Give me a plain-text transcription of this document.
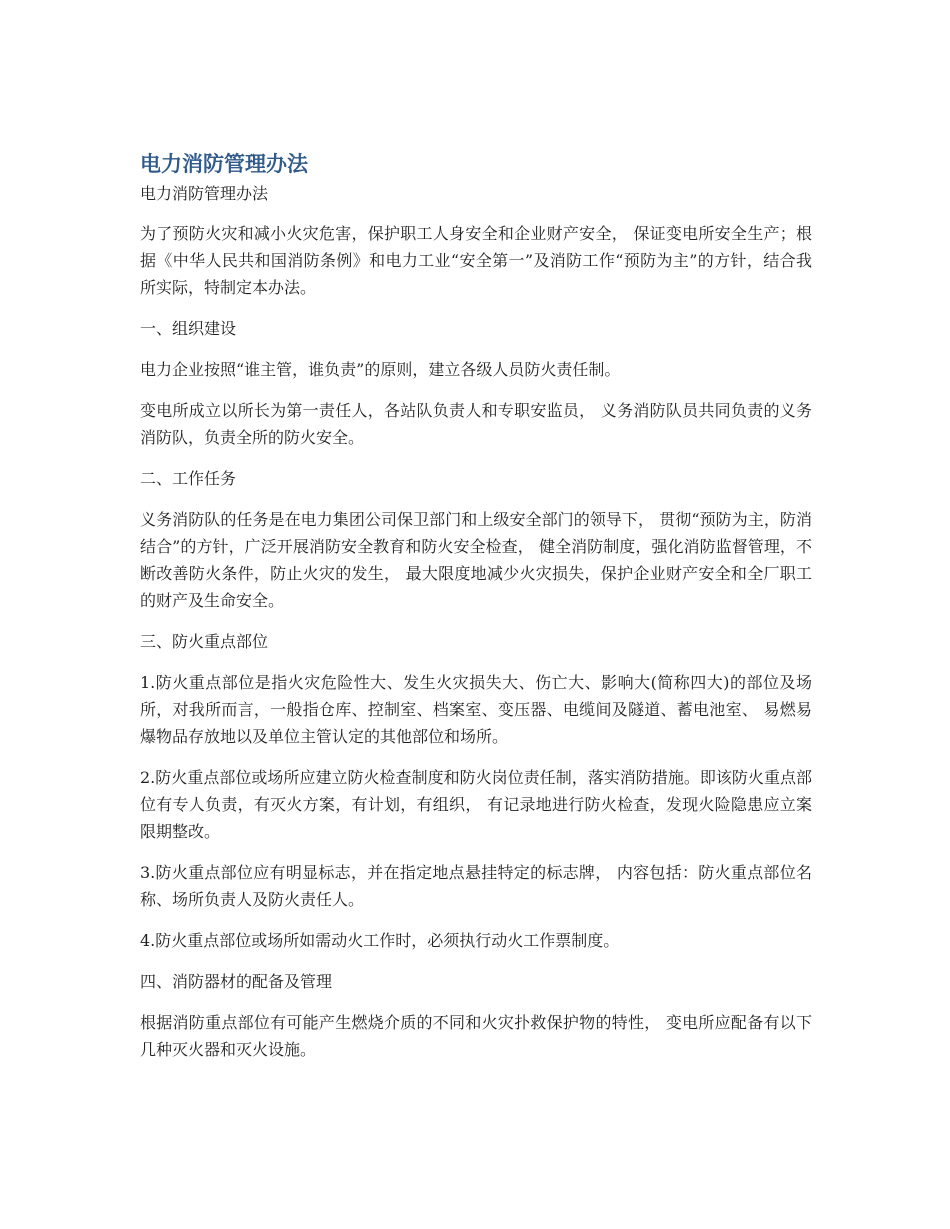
电力消防管理办法

电力消防管理办法

为了预防火灾和减小火灾危害，保护职工人身安全和企业财产安全， 保证变电所安全生产；根据《中华人民共和国消防条例》和电力工业“安全第一”及消防工作“预防为主”的方针，结合我所实际，特制定本办法。

一、组织建设

电力企业按照“谁主管，谁负责”的原则，建立各级人员防火责任制。

变电所成立以所长为第一责任人，各站队负责人和专职安监员， 义务消防队员共同负责的义务消防队，负责全所的防火安全。

二、工作任务

义务消防队的任务是在电力集团公司保卫部门和上级安全部门的领导下， 贯彻“预防为主，防消结合”的方针，广泛开展消防安全教育和防火安全检查， 健全消防制度，强化消防监督管理，不断改善防火条件，防止火灾的发生， 最大限度地减少火灾损失，保护企业财产安全和全厂职工的财产及生命安全。

三、防火重点部位

1.防火重点部位是指火灾危险性大、发生火灾损失大、伤亡大、影响大(简称四大)的部位及场所，对我所而言，一般指仓库、控制室、档案室、变压器、电缆间及隧道、蓄电池室、 易燃易爆物品存放地以及单位主管认定的其他部位和场所。

2.防火重点部位或场所应建立防火检查制度和防火岗位责任制，落实消防措施。即该防火重点部位有专人负责，有灭火方案，有计划，有组织， 有记录地进行防火检查，发现火险隐患应立案限期整改。

3.防火重点部位应有明显标志，并在指定地点悬挂特定的标志牌， 内容包括：防火重点部位名称、场所负责人及防火责任人。

4.防火重点部位或场所如需动火工作时，必须执行动火工作票制度。

四、消防器材的配备及管理

根据消防重点部位有可能产生燃烧介质的不同和火灾扑救保护物的特性， 变电所应配备有以下几种灭火器和灭火设施。
